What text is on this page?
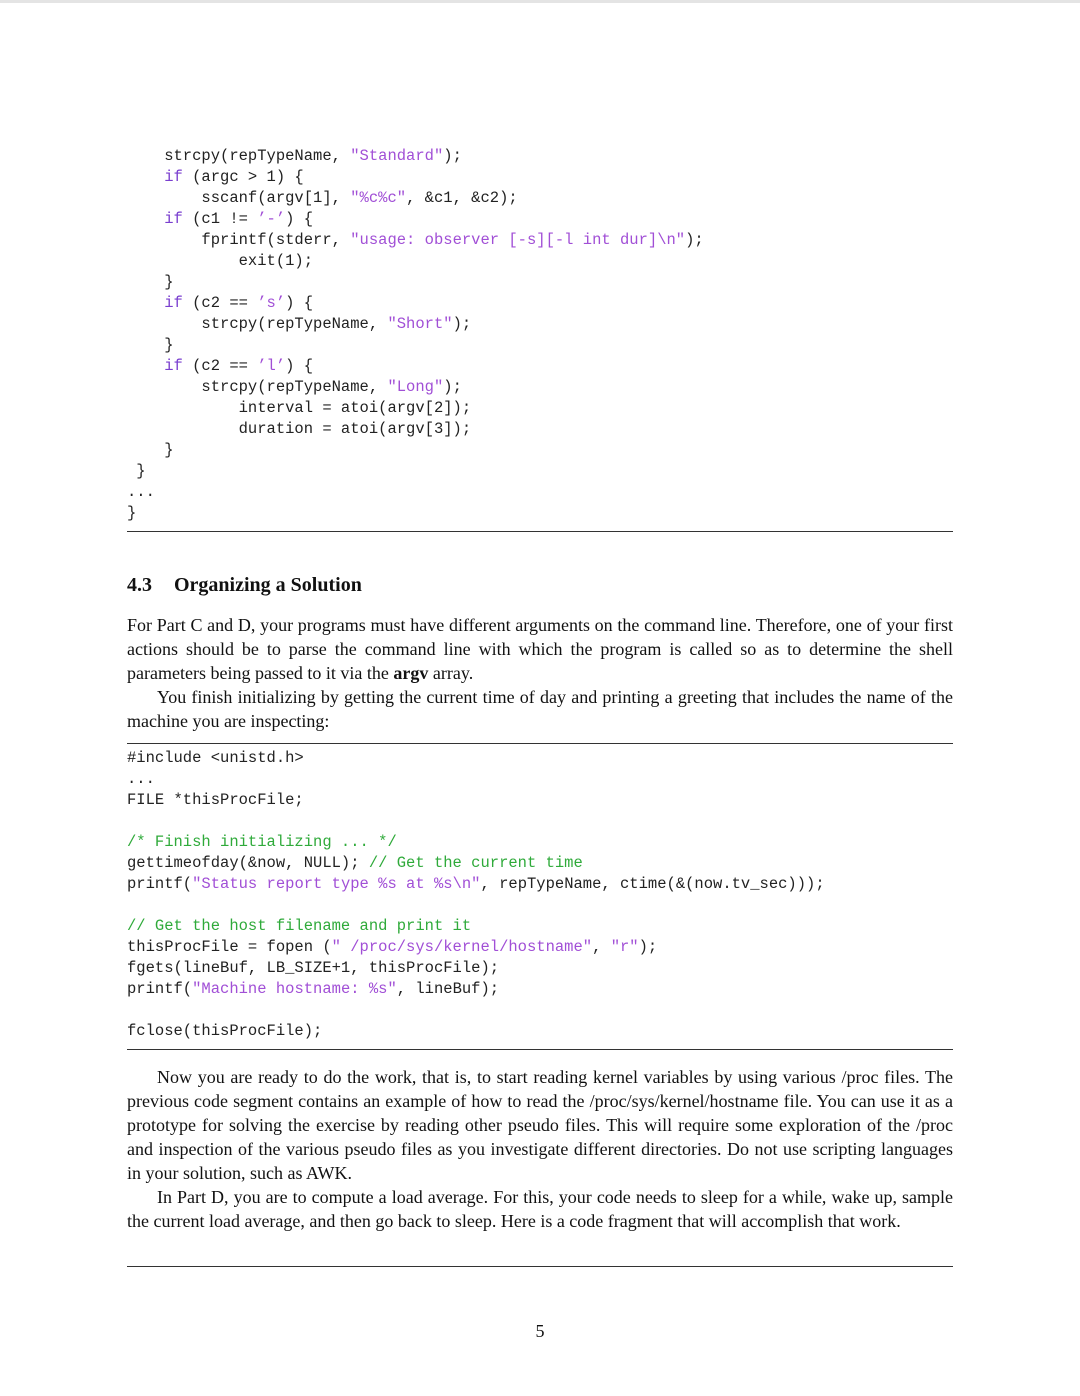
strcpy(repTypeName, "Standard");
if (argc > 1) {
sscanf(argv[1], "%c%c", &c1, &c2);
if (c1 != ’-’) {
fprintf(stderr, "usage: observer [-s][-l int dur]\n");
exit(1);
}
if (c2 == ’s’) {
strcpy(repTypeName, "Short");
}
if (c2 == ’l’) {
strcpy(repTypeName, "Long");
interval = atoi(argv[2]);
duration = atoi(argv[3]);
}
}
...
}
4.3 Organizing a Solution

For Part C and D, your programs must have different arguments on the command line. Therefore, one of your first actions should be to parse the command line with which the program is called so as to determine the shell parameters being passed to it via the argv array.

You finish initializing by getting the current time of day and printing a greeting that includes the name of the machine you are inspecting:

#include <unistd.h>
...
FILE *thisProcFile;

/* Finish initializing ... */
gettimeofday(&now, NULL); // Get the current time
printf("Status report type %s at %s\n", repTypeName, ctime(&(now.tv_sec)));

// Get the host filename and print it
thisProcFile = fopen (" /proc/sys/kernel/hostname", "r");
fgets(lineBuf, LB_SIZE+1, thisProcFile);
printf("Machine hostname: %s", lineBuf);

fclose(thisProcFile);

Now you are ready to do the work, that is, to start reading kernel variables by using various /proc files. The previous code segment contains an example of how to read the /proc/sys/kernel/hostname file. You can use it as a prototype for solving the exercise by reading other pseudo files. This will require some exploration of the /proc and inspection of the various pseudo files as you investigate different directories. Do not use scripting languages in your solution, such as AWK.

In Part D, you are to compute a load average. For this, your code needs to sleep for a while, wake up, sample the current load average, and then go back to sleep. Here is a code fragment that will accomplish that work.

5
